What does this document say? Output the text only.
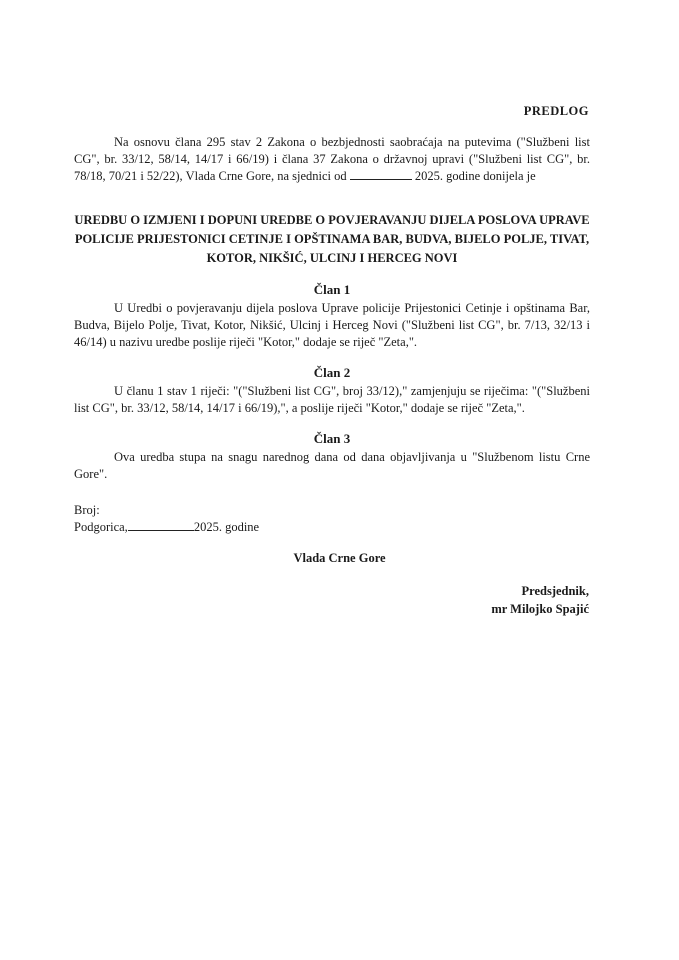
PREDLOG
Na osnovu člana 295 stav 2 Zakona o bezbjednosti saobraćaja na putevima ("Službeni list CG", br. 33/12, 58/14, 14/17 i 66/19) i člana 37 Zakona o državnoj upravi ("Službeni list CG", br. 78/18, 70/21 i 52/22), Vlada Crne Gore, na sjednici od	2025. godine donijela je
UREDBU O IZMJENI I DOPUNI UREDBE O POVJERAVANJU DIJELA POSLOVA UPRAVE POLICIJE PRIJESTONICI CETINJE I OPŠTINAMA BAR, BUDVA, BIJELO POLJE, TIVAT, KOTOR, NIKŠIĆ, ULCINJ I HERCEG NOVI
Član 1
U Uredbi o povjeravanju dijela poslova Uprave policije Prijestonici Cetinje i opštinama Bar, Budva, Bijelo Polje, Tivat, Kotor, Nikšić, Ulcinj i Herceg Novi ("Službeni list CG", br. 7/13, 32/13 i 46/14) u nazivu uredbe poslije riječi "Kotor," dodaje se riječ "Zeta,".
Član 2
U članu 1 stav 1 riječi: "("Službeni list CG", broj 33/12)," zamjenjuju se riječima: "("Službeni list CG", br. 33/12, 58/14, 14/17 i 66/19),", a poslije riječi "Kotor," dodaje se riječ "Zeta,".
Član 3
Ova uredba stupa na snagu narednog dana od dana objavljivanja u "Službenom listu Crne Gore".
Broj:
Podgorica,	2025. godine
Vlada Crne Gore
Predsjednik,
mr Milojko Spajić
